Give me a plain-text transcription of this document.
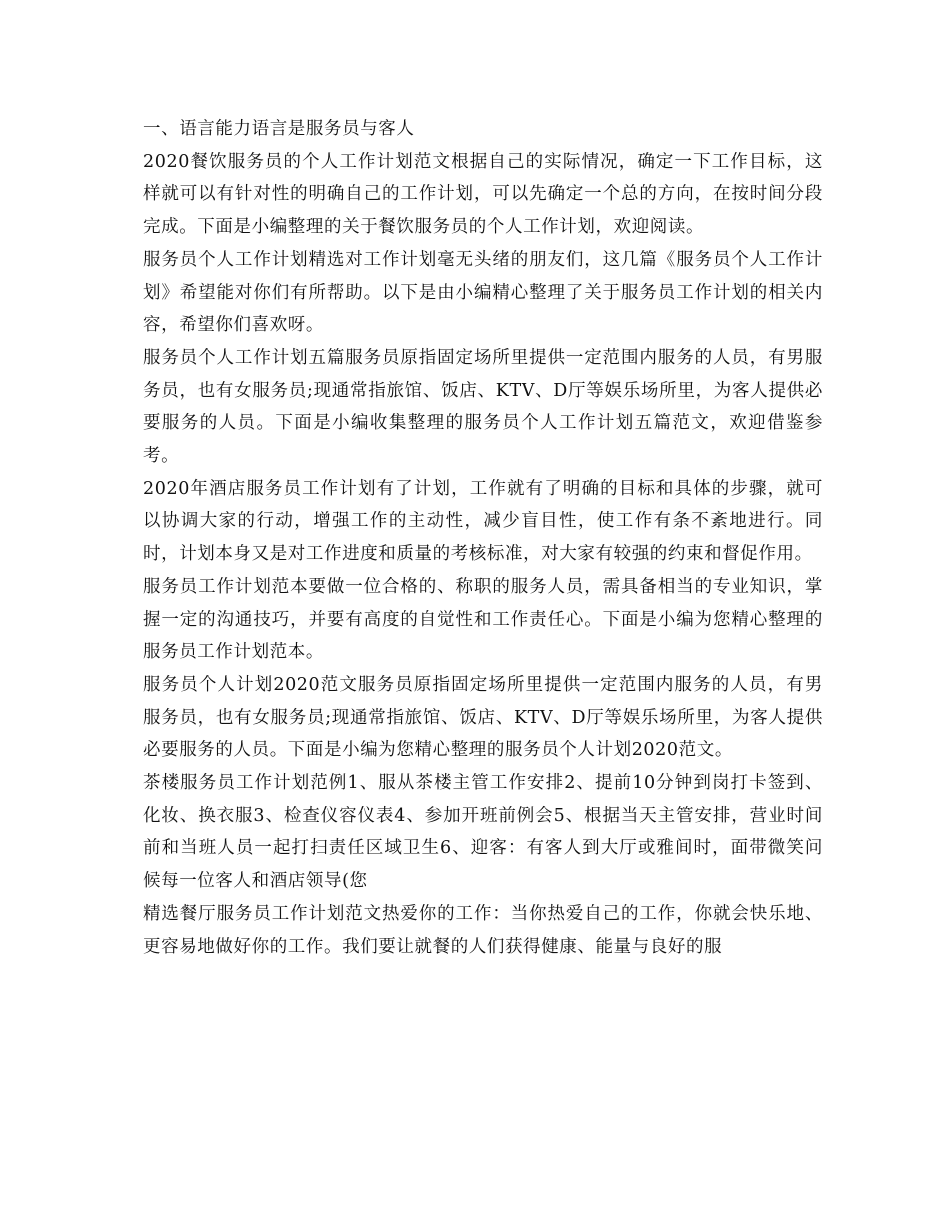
一、语言能力语言是服务员与客人

2020餐饮服务员的个人工作计划范文根据自己的实际情况，确定一下工作目标，这样就可以有针对性的明确自己的工作计划，可以先确定一个总的方向，在按时间分段完成。下面是小编整理的关于餐饮服务员的个人工作计划，欢迎阅读。

服务员个人工作计划精选对工作计划毫无头绪的朋友们，这几篇《服务员个人工作计划》希望能对你们有所帮助。以下是由小编精心整理了关于服务员工作计划的相关内容，希望你们喜欢呀。

服务员个人工作计划五篇服务员原指固定场所里提供一定范围内服务的人员，有男服务员，也有女服务员;现通常指旅馆、饭店、KTV、D厅等娱乐场所里，为客人提供必要服务的人员。下面是小编收集整理的服务员个人工作计划五篇范文，欢迎借鉴参考。

2020年酒店服务员工作计划有了计划，工作就有了明确的目标和具体的步骤，就可以协调大家的行动，增强工作的主动性，减少盲目性，使工作有条不紊地进行。同时，计划本身又是对工作进度和质量的考核标准，对大家有较强的约束和督促作用。

服务员工作计划范本要做一位合格的、称职的服务人员，需具备相当的专业知识，掌握一定的沟通技巧，并要有高度的自觉性和工作责任心。下面是小编为您精心整理的服务员工作计划范本。

服务员个人计划2020范文服务员原指固定场所里提供一定范围内服务的人员，有男服务员，也有女服务员;现通常指旅馆、饭店、KTV、D厅等娱乐场所里，为客人提供必要服务的人员。下面是小编为您精心整理的服务员个人计划2020范文。

茶楼服务员工作计划范例1、服从茶楼主管工作安排2、提前10分钟到岗打卡签到、化妆、换衣服3、检查仪容仪表4、参加开班前例会5、根据当天主管安排，营业时间前和当班人员一起打扫责任区域卫生6、迎客：有客人到大厅或雅间时，面带微笑问候每一位客人和酒店领导(您

精选餐厅服务员工作计划范文热爱你的工作：当你热爱自己的工作，你就会快乐地、更容易地做好你的工作。我们要让就餐的人们获得健康、能量与良好的服
